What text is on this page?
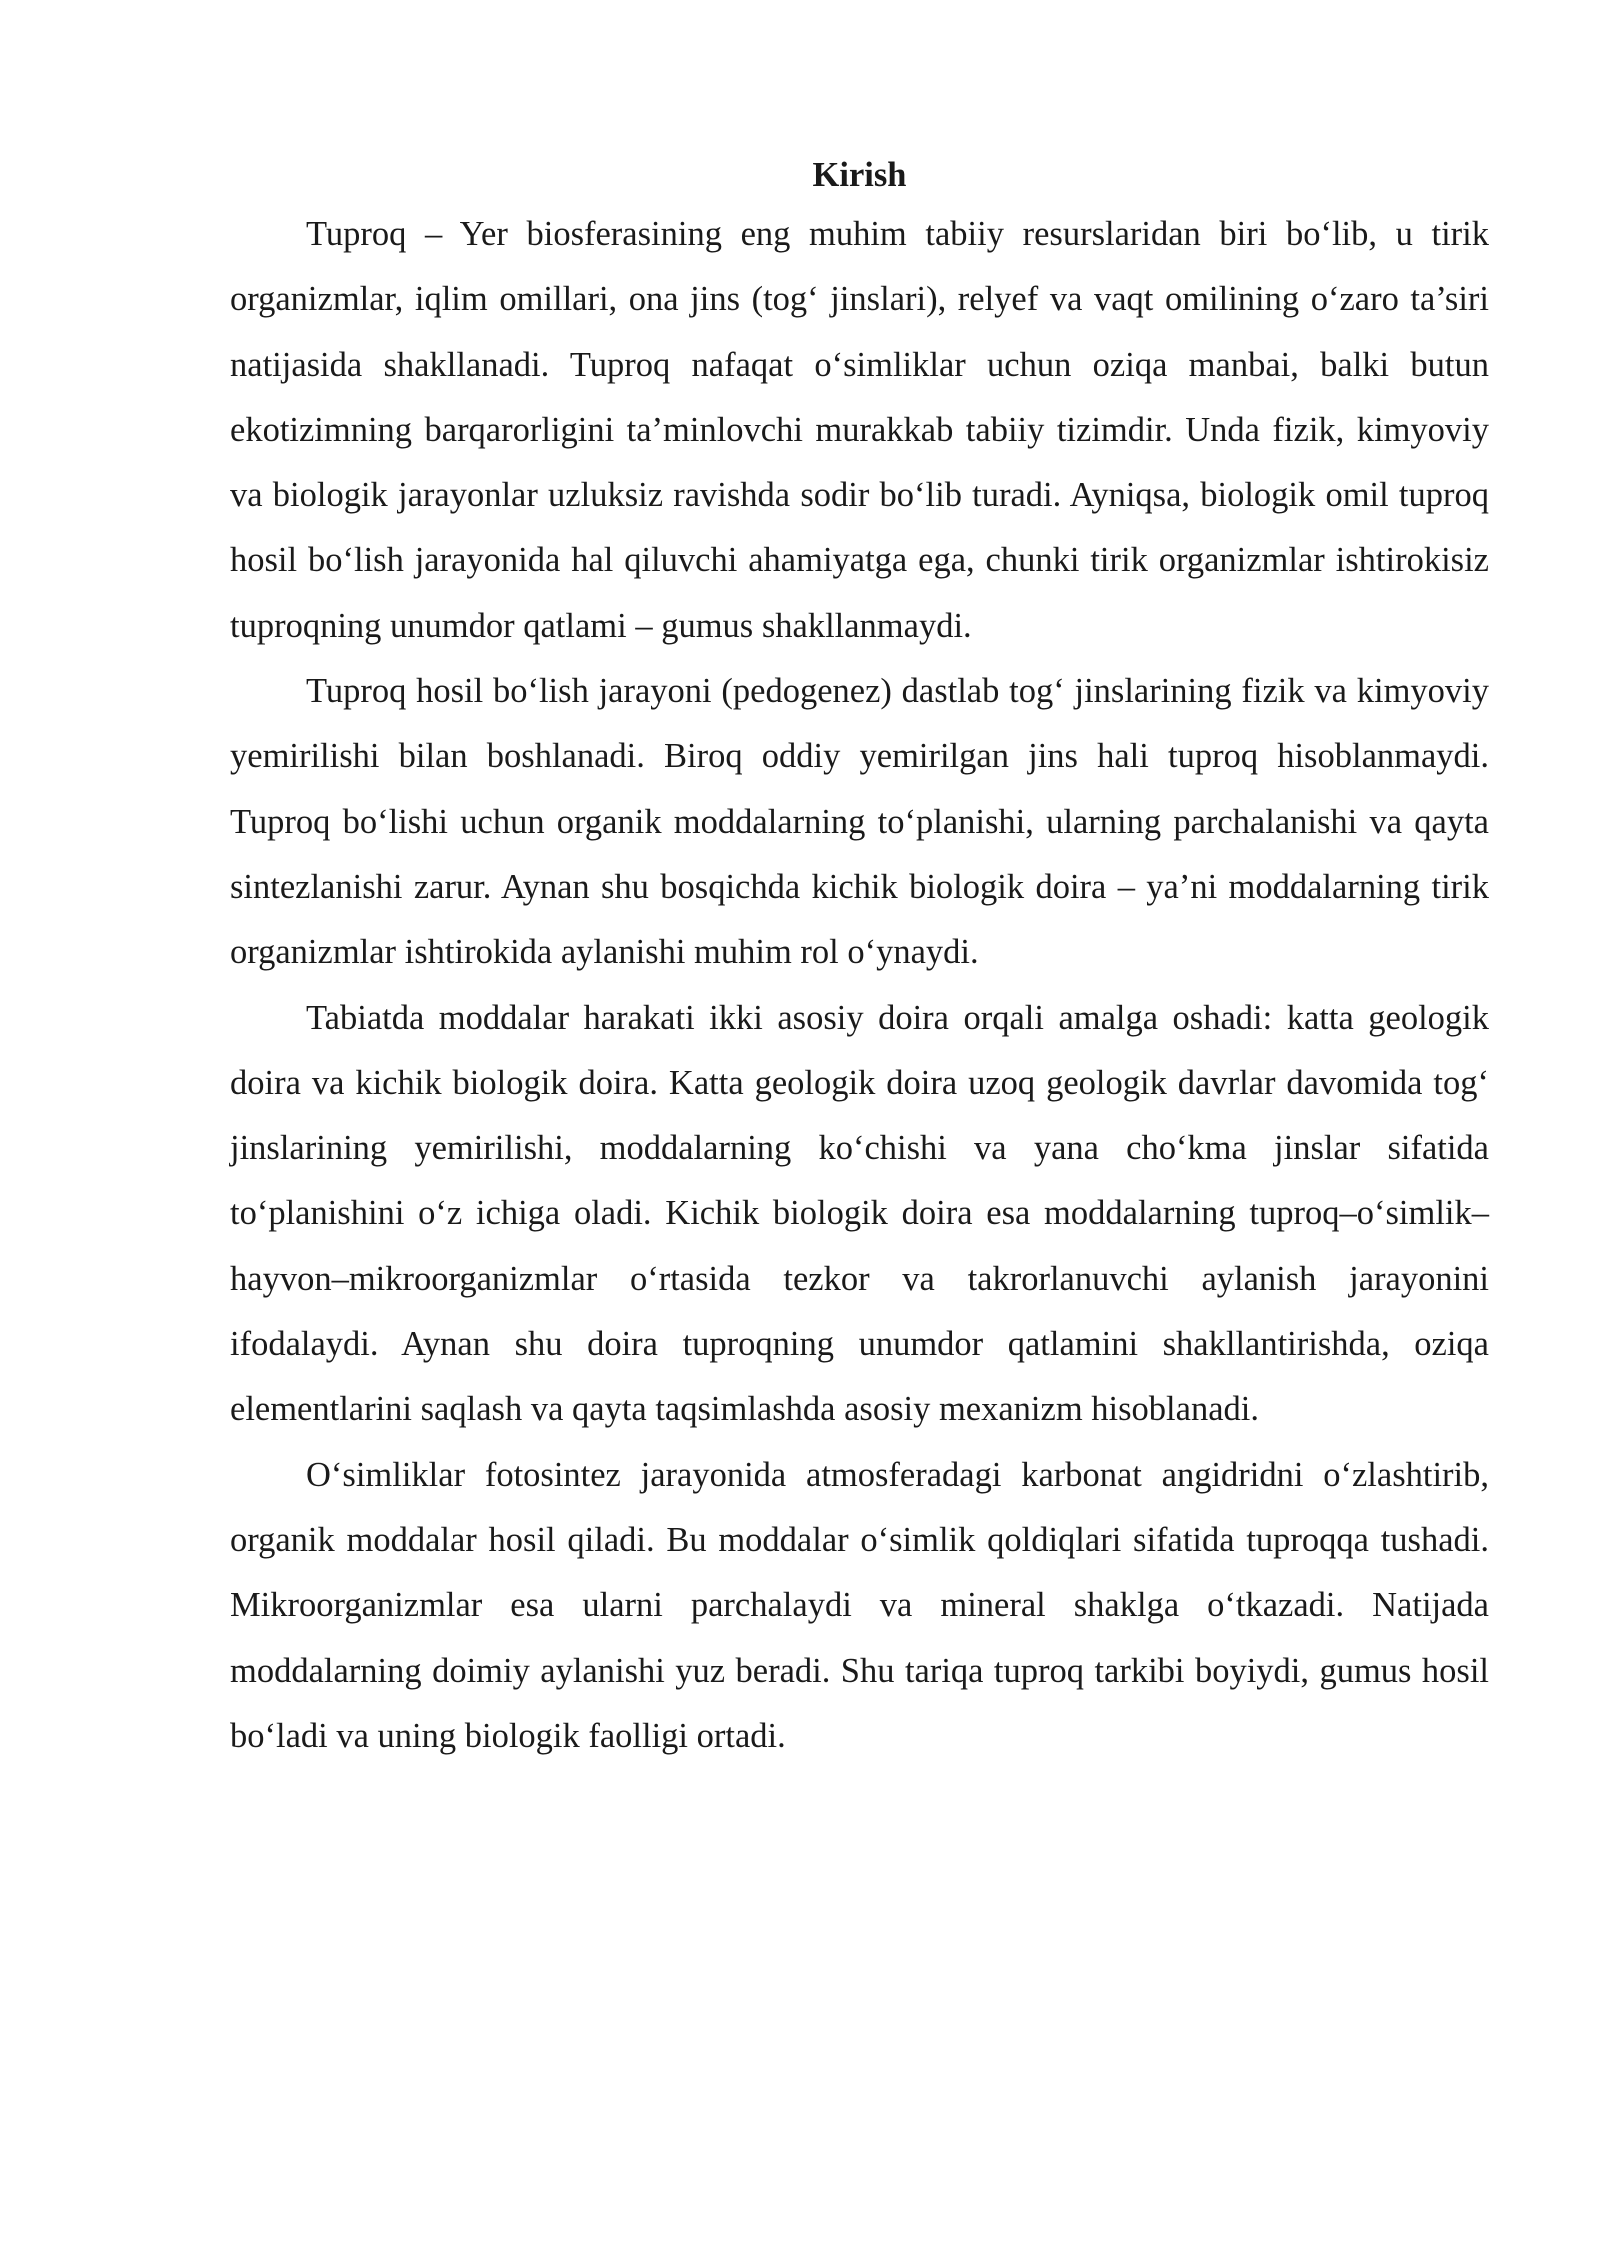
Kirish

Tuproq – Yer biosferasining eng muhim tabiiy resurslaridan biri bo‘lib, u tirik organizmlar, iqlim omillari, ona jins (tog‘ jinslari), relyef va vaqt omilining o‘zaro ta’siri natijasida shakllanadi. Tuproq nafaqat o‘simliklar uchun oziqa manbai, balki butun ekotizimning barqarorligini ta’minlovchi murakkab tabiiy tizimdir. Unda fizik, kimyoviy va biologik jarayonlar uzluksiz ravishda sodir bo‘lib turadi. Ayniqsa, biologik omil tuproq hosil bo‘lish jarayonida hal qiluvchi ahamiyatga ega, chunki tirik organizmlar ishtirokisiz tuproqning unumdor qatlami – gumus shakllanmaydi.

Tuproq hosil bo‘lish jarayoni (pedogenez) dastlab tog‘ jinslarining fizik va kimyoviy yemirilishi bilan boshlanadi. Biroq oddiy yemirilgan jins hali tuproq hisoblanmaydi. Tuproq bo‘lishi uchun organik moddalarning to‘planishi, ularning parchalanishi va qayta sintezlanishi zarur. Aynan shu bosqichda kichik biologik doira – ya’ni moddalarning tirik organizmlar ishtirokida aylanishi muhim rol o‘ynaydi.

Tabiatda moddalar harakati ikki asosiy doira orqali amalga oshadi: katta geologik doira va kichik biologik doira. Katta geologik doira uzoq geologik davrlar davomida tog‘ jinslarining yemirilishi, moddalarning ko‘chishi va yana cho‘kma jinslar sifatida to‘planishini o‘z ichiga oladi. Kichik biologik doira esa moddalarning tuproq–o‘simlik–hayvon–mikroorganizmlar o‘rtasida tezkor va takrorlanuvchi aylanish jarayonini ifodalaydi. Aynan shu doira tuproqning unumdor qatlamini shakllantirishda, oziqa elementlarini saqlash va qayta taqsimlashda asosiy mexanizm hisoblanadi.

O‘simliklar fotosintez jarayonida atmosferadagi karbonat angidridni o‘zlashtirib, organik moddalar hosil qiladi. Bu moddalar o‘simlik qoldiqlari sifatida tuproqqa tushadi. Mikroorganizmlar esa ularni parchalaydi va mineral shaklga o‘tkazadi. Natijada moddalarning doimiy aylanishi yuz beradi. Shu tariqa tuproq tarkibi boyiydi, gumus hosil bo‘ladi va uning biologik faolligi ortadi.
